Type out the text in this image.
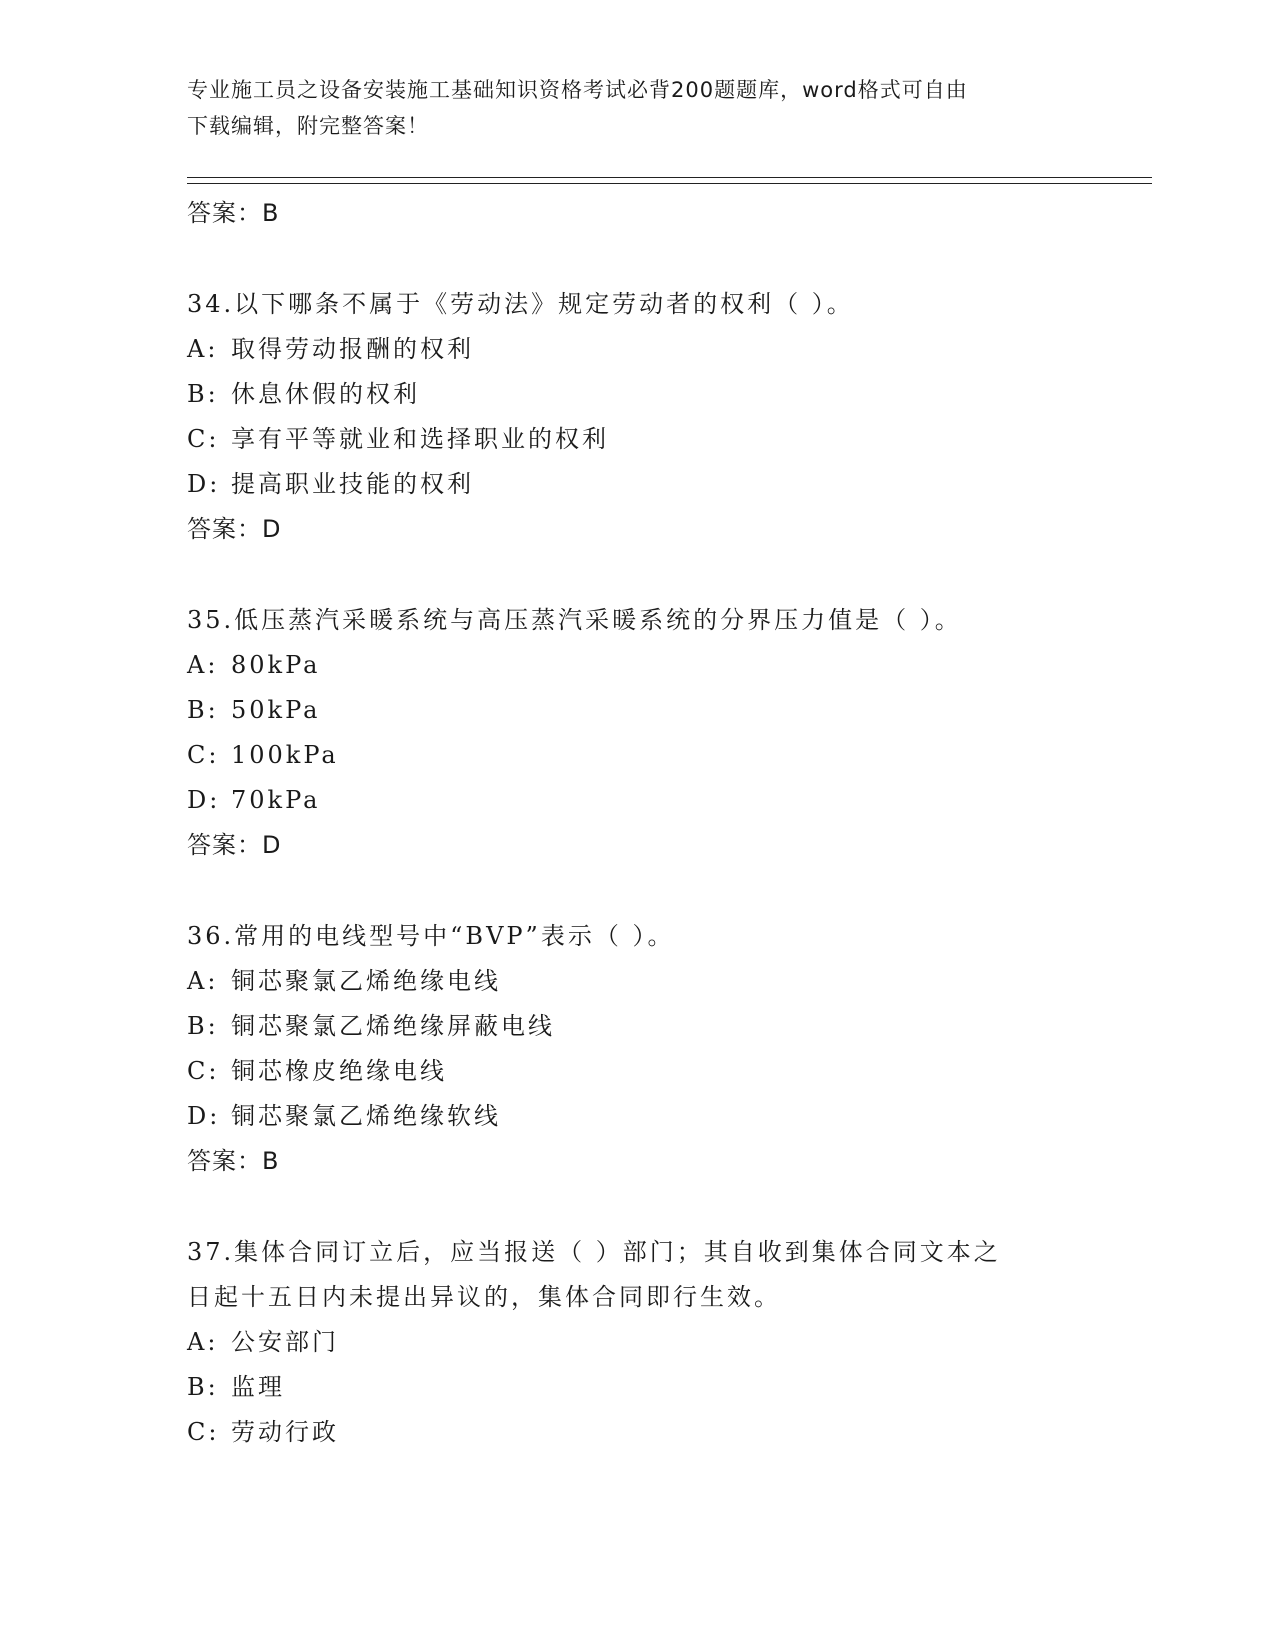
专业施工员之设备安装施工基础知识资格考试必背200题题库，word格式可自由
下载编辑，附完整答案！
答案：B
34.以下哪条不属于《劳动法》规定劳动者的权利（ ）。
A: 取得劳动报酬的权利
B: 休息休假的权利
C: 享有平等就业和选择职业的权利
D: 提高职业技能的权利
答案：D
35.低压蒸汽采暖系统与高压蒸汽采暖系统的分界压力值是（ ）。
A: 80kPa
B: 50kPa
C: 100kPa
D: 70kPa
答案：D
36.常用的电线型号中“BVP”表示（ ）。
A: 铜芯聚氯乙烯绝缘电线
B: 铜芯聚氯乙烯绝缘屏蔽电线
C: 铜芯橡皮绝缘电线
D: 铜芯聚氯乙烯绝缘软线
答案：B
37.集体合同订立后，应当报送（ ）部门；其自收到集体合同文本之
日起十五日内未提出异议的，集体合同即行生效。
A: 公安部门
B: 监理
C: 劳动行政
